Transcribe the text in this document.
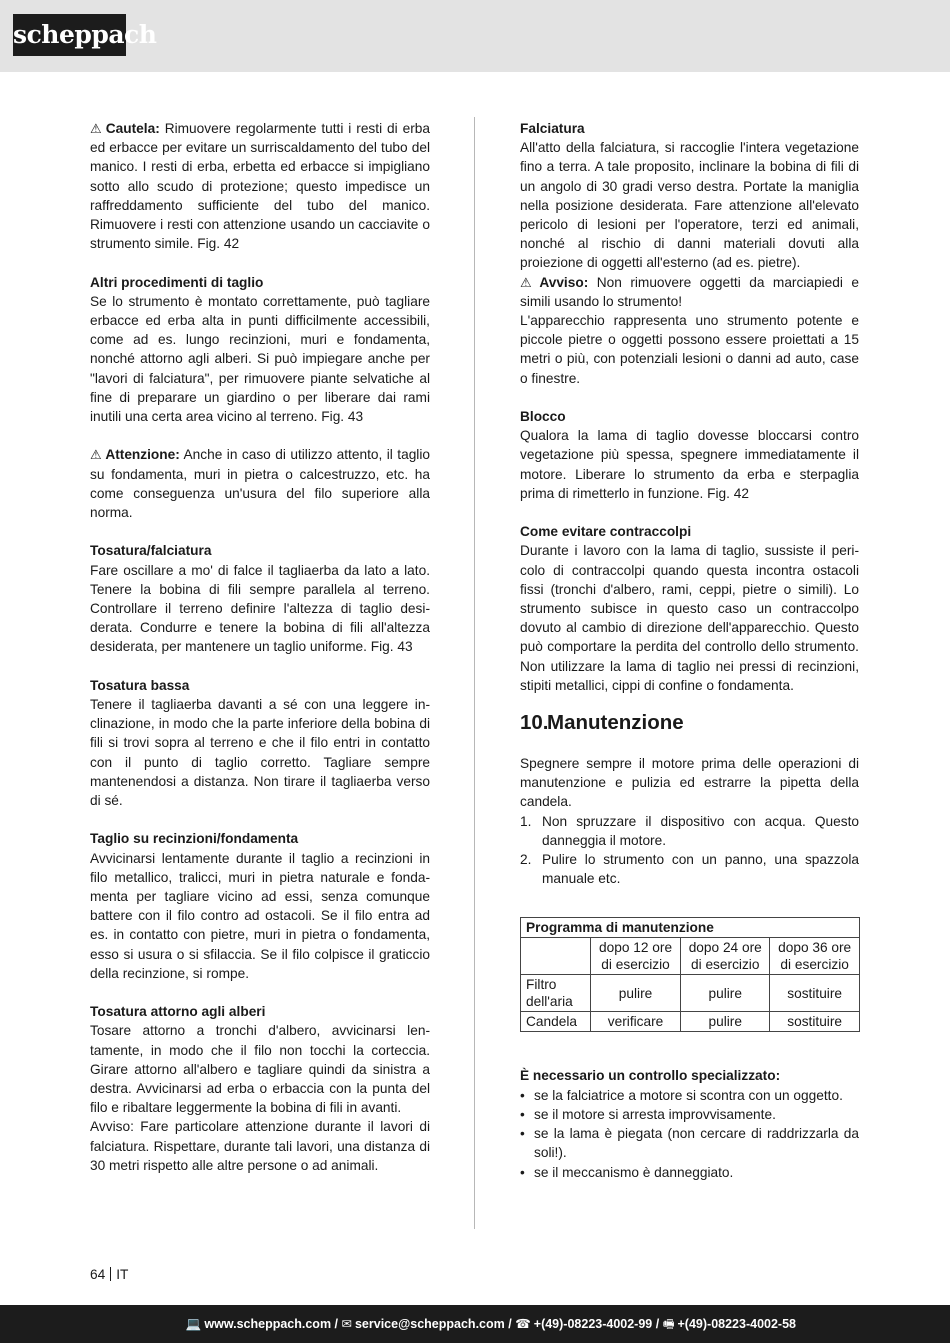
scheppach

⚠ Cautela: Rimuovere regolarmente tutti i resti di erba ed erbacce per evitare un surriscaldamento del tubo del manico. I resti di erba, erbetta ed erbacce si impigliano sotto allo scudo di protezione; questo impedisce un raffreddamento sufficiente del tubo del manico. Rimuovere i resti con attenzione usando un cacciavite o strumento simile. Fig. 42

Altri procedimenti di taglio

Se lo strumento è montato correttamente, può tagliare erbacce ed erba alta in punti difficilmente accessibili, come ad es. lungo recinzioni, muri e fondamenta, nonché attorno agli alberi. Si può impiegare anche per "lavori di falciatura", per rimuovere piante selvatiche al fine di preparare un giardino o per liberare dai rami inutili una certa area vicino al terreno. Fig. 43

⚠ Attenzione: Anche in caso di utilizzo attento, il taglio su fondamenta, muri in pietra o calcestruzzo, etc. ha come conseguenza un'usura del filo superiore alla norma.

Tosatura/falciatura

Fare oscillare a mo' di falce il tagliaerba da lato a lato. Tenere la bobina di fili sempre parallela al terreno. Controllare il terreno definire l'altezza di taglio desiderata. Condurre e tenere la bobina di fili all'altezza desiderata, per mantenere un taglio uniforme. Fig. 43

Tosatura bassa

Tenere il tagliaerba davanti a sé con una leggere inclinazione, in modo che la parte inferiore della bobina di fili si trovi sopra al terreno e che il filo entri in contatto con il punto di taglio corretto. Tagliare sempre mantenendosi a distanza. Non tirare il tagliaerba verso di sé.

Taglio su recinzioni/fondamenta

Avvicinarsi lentamente durante il taglio a recinzioni in filo metallico, tralicci, muri in pietra naturale e fondamenta per tagliare vicino ad essi, senza comunque battere con il filo contro ad ostacoli. Se il filo entra ad es. in contatto con pietre, muri in pietra o fondamenta, esso si usura o si sfilaccia. Se il filo colpisce il graticcio della recinzione, si rompe.

Tosatura attorno agli alberi

Tosare attorno a tronchi d'albero, avvicinarsi lentamente, in modo che il filo non tocchi la corteccia. Girare attorno all'albero e tagliare quindi da sinistra a destra. Avvicinarsi ad erba o erbaccia con la punta del filo e ribaltare leggermente la bobina di fili in avanti.

Avviso: Fare particolare attenzione durante il lavori di falciatura. Rispettare, durante tali lavori, una distanza di 30 metri rispetto alle altre persone o ad animali.

Falciatura

All'atto della falciatura, si raccoglie l'intera vegetazione fino a terra. A tale proposito, inclinare la bobina di fili di un angolo di 30 gradi verso destra. Portate la maniglia nella posizione desiderata. Fare attenzione all'elevato pericolo di lesioni per l'operatore, terzi ed animali, nonché al rischio di danni materiali dovuti alla proiezione di oggetti all'esterno (ad es. pietre).

⚠ Avviso: Non rimuovere oggetti da marciapiedi e simili usando lo strumento!

L'apparecchio rappresenta uno strumento potente e piccole pietre o oggetti possono essere proiettati a 15 metri o più, con potenziali lesioni o danni ad auto, case o finestre.

Blocco

Qualora la lama di taglio dovesse bloccarsi contro vegetazione più spessa, spegnere immediatamente il motore. Liberare lo strumento da erba e sterpaglia prima di rimetterlo in funzione. Fig. 42

Come evitare contraccolpi

Durante i lavoro con la lama di taglio, sussiste il pericolo di contraccolpi quando questa incontra ostacoli fissi (tronchi d'albero, rami, ceppi, pietre o simili). Lo strumento subisce in questo caso un contraccolpo dovuto al cambio di direzione dell'apparecchio. Questo può comportare la perdita del controllo dello strumento. Non utilizzare la lama di taglio nei pressi di recinzioni, stipiti metallici, cippi di confine o fondamenta.

10.Manutenzione

Spegnere sempre il motore prima delle operazioni di manutenzione e pulizia ed estrarre la pipetta della candela.

1. Non spruzzare il dispositivo con acqua. Questo danneggia il motore.
2. Pulire lo strumento con un panno, una spazzola manuale etc.
Programma di manutenzione			
	dopo 12 ore di esercizio	dopo 24 ore di esercizio	dopo 36 ore di esercizio
Filtro dell'aria	pulire	pulire	sostituire
Candela	verificare	pulire	sostituire

È necessario un controllo specializzato:

• se la falciatrice a motore si scontra con un oggetto.
• se il motore si arresta improvvisamente.
• se la lama è piegata (non cercare di raddrizzarla da soli!).
• se il meccanismo è danneggiato.
64 IT
💻 www.scheppach.com / ✉ service@scheppach.com / ☎ +(49)-08223-4002-99 / 🖷 +(49)-08223-4002-58
